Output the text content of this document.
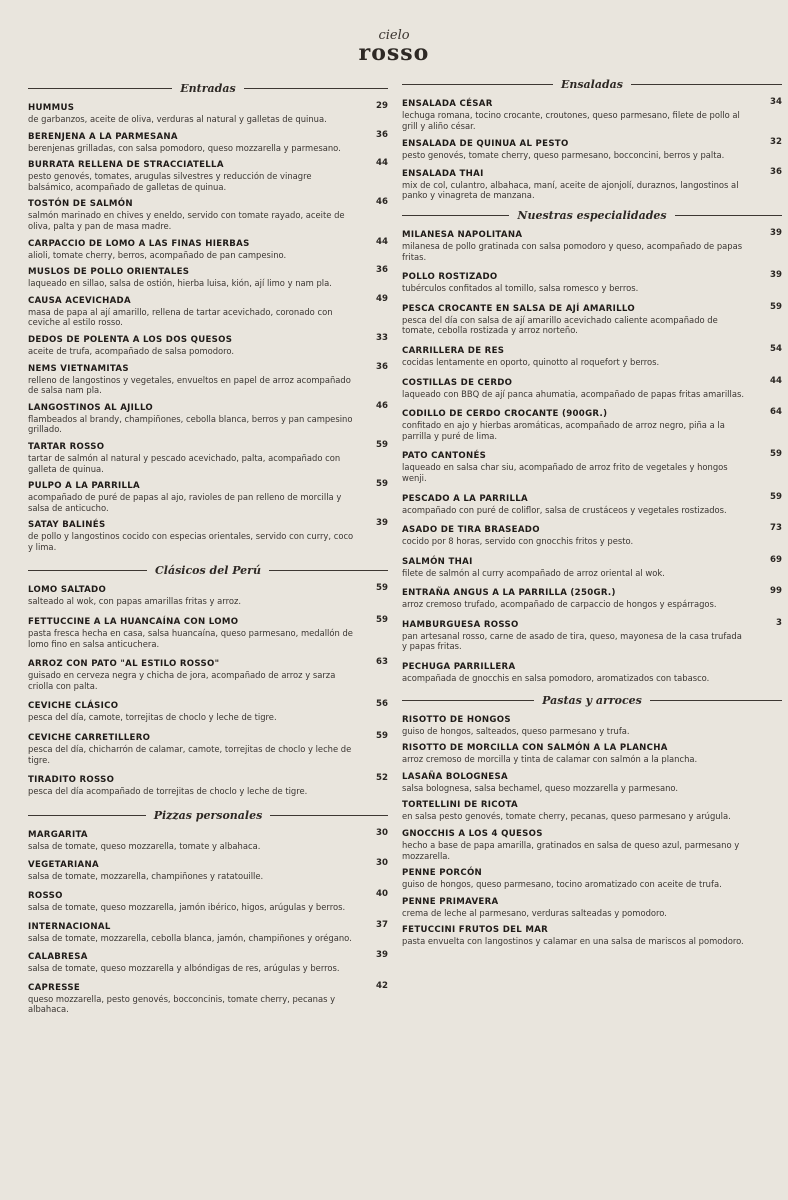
cielo
rosso
Entradas
HUMMUS
de garbanzos, aceite de oliva, verduras al natural y galletas de quinua.
29
BERENJENA A LA PARMESANA
berenjenas grilladas, con salsa pomodoro, queso mozzarella y parmesano.
36
BURRATA RELLENA DE STRACCIATELLA
pesto genovés, tomates, arugulas silvestres y reducción de vinagre balsámico, acompañado de galletas de quinua.
44
TOSTÓN DE SALMÓN
salmón marinado en chives y eneldo, servido con tomate rayado, aceite de oliva, palta y pan de masa madre.
46
CARPACCIO DE LOMO A LAS FINAS HIERBAS
alioli, tomate cherry, berros, acompañado de pan campesino.
44
MUSLOS DE POLLO ORIENTALES
laqueado en sillao, salsa de ostión, hierba luisa, kión, ají limo y nam pla.
36
CAUSA ACEVICHADA
masa de papa al ají amarillo, rellena de tartar acevichado, coronado con ceviche al estilo rosso.
49
DEDOS DE POLENTA A LOS DOS QUESOS
aceite de trufa, acompañado de salsa pomodoro.
33
NEMS VIETNAMITAS
relleno de langostinos y vegetales, envueltos en papel de arroz acompañado de salsa nam pla.
36
LANGOSTINOS AL AJILLO
flambeados al brandy, champiñones, cebolla blanca, berros y pan campesino grillado.
46
TARTAR ROSSO
tartar de salmón al natural y pescado acevichado, palta, acompañado con galleta de quinua.
59
PULPO A LA PARRILLA
acompañado de puré de papas al ajo, ravioles de pan relleno de morcilla y salsa de anticucho.
59
SATAY BALINÉS
de pollo y langostinos cocido con especias orientales, servido con curry, coco y lima.
39
Clásicos del Perú
LOMO SALTADO
salteado al wok, con papas amarillas fritas y arroz.
59
FETTUCCINE A LA HUANCAÍNA CON LOMO
pasta fresca hecha en casa, salsa huancaína, queso parmesano, medallón de lomo fino en salsa anticuchera.
59
ARROZ CON PATO "AL ESTILO ROSSO"
guisado en cerveza negra y chicha de jora, acompañado de arroz y sarza criolla con palta.
63
CEVICHE CLÁSICO
pesca del día, camote, torrejitas de choclo y leche de tigre.
56
CEVICHE CARRETILLERO
pesca del día, chicharrón de calamar, camote, torrejitas de choclo y leche de tigre.
59
TIRADITO ROSSO
pesca del día acompañado de torrejitas de choclo y leche de tigre.
52
Pizzas personales
MARGARITA
salsa de tomate, queso mozzarella, tomate y albahaca.
30
VEGETARIANA
salsa de tomate, mozzarella, champiñones y ratatouille.
30
ROSSO
salsa de tomate, queso mozzarella, jamón ibérico, higos, arúgulas y berros.
40
INTERNACIONAL
salsa de tomate, mozzarella, cebolla blanca, jamón, champiñones y orégano.
37
CALABRESA
salsa de tomate, queso mozzarella y albóndigas de res, arúgulas y berros.
39
CAPRESSE
queso mozzarella, pesto genovés, bocconcinis, tomate cherry, pecanas y albahaca.
42
Ensaladas
ENSALADA CÉSAR
lechuga romana, tocino crocante, croutones, queso parmesano, filete de pollo al grill y aliño césar.
34
ENSALADA DE QUINUA AL PESTO
pesto genovés, tomate cherry, queso parmesano, bocconcini, berros y palta.
32
ENSALADA THAI
mix de col, culantro, albahaca, maní, aceite de ajonjolí, duraznos, langostinos al panko y vinagreta de manzana.
36
Nuestras especialidades
MILANESA NAPOLITANA
milanesa de pollo gratinada con salsa pomodoro y queso, acompañado de papas fritas.
39
POLLO ROSTIZADO
tubérculos confitados al tomillo, salsa romesco y berros.
39
PESCA CROCANTE EN SALSA DE AJÍ AMARILLO
pesca del día con salsa de ají amarillo acevichado caliente acompañado de tomate, cebolla rostizada y arroz norteño.
59
CARRILLERA DE RES
cocidas lentamente en oporto, quinotto al roquefort y berros.
54
COSTILLAS DE CERDO
laqueado con BBQ de ají panca ahumatia, acompañado de papas fritas amarillas.
44
CODILLO DE CERDO CROCANTE (900GR.)
confitado en ajo y hierbas aromáticas, acompañado de arroz negro, piña a la parrilla y puré de lima.
64
PATO CANTONÉS
laqueado en salsa char siu, acompañado de arroz frito de vegetales y hongos wenji.
59
PESCADO A LA PARRILLA
acompañado con puré de coliflor, salsa de crustáceos y vegetales rostizados.
59
ASADO DE TIRA BRASEADO
cocido por 8 horas, servido con gnocchis fritos y pesto.
73
SALMÓN THAI
filete de salmón al curry acompañado de arroz oriental al wok.
69
ENTRAÑA ANGUS A LA PARRILLA (250GR.)
arroz cremoso trufado, acompañado de carpaccio de hongos y espárragos.
99
HAMBURGUESA ROSSO
pan artesanal rosso, carne de asado de tira, queso, mayonesa de la casa trufada y papas fritas.
3
PECHUGA PARRILLERA
acompañada de gnocchis en salsa pomodoro, aromatizados con tabasco.
Pastas y arroces
RISOTTO DE HONGOS
guiso de hongos, salteados, queso parmesano y trufa.
RISOTTO DE MORCILLA CON SALMÓN A LA PLANCHA
arroz cremoso de morcilla y tinta de calamar con salmón a la plancha.
LASAÑA BOLOGNESA
salsa bolognesa, salsa bechamel, queso mozzarella y parmesano.
TORTELLINI DE RICOTA
en salsa pesto genovés, tomate cherry, pecanas, queso parmesano y arúgula.
GNOCCHIS A LOS 4 QUESOS
hecho a base de papa amarilla, gratinados en salsa de queso azul, parmesano y mozzarella.
PENNE PORCÓN
guiso de hongos, queso parmesano, tocino aromatizado con aceite de trufa.
PENNE PRIMAVERA
crema de leche al parmesano, verduras salteadas y pomodoro.
FETUCCINI FRUTOS DEL MAR
pasta envuelta con langostinos y calamar en una salsa de mariscos al pomodoro.
